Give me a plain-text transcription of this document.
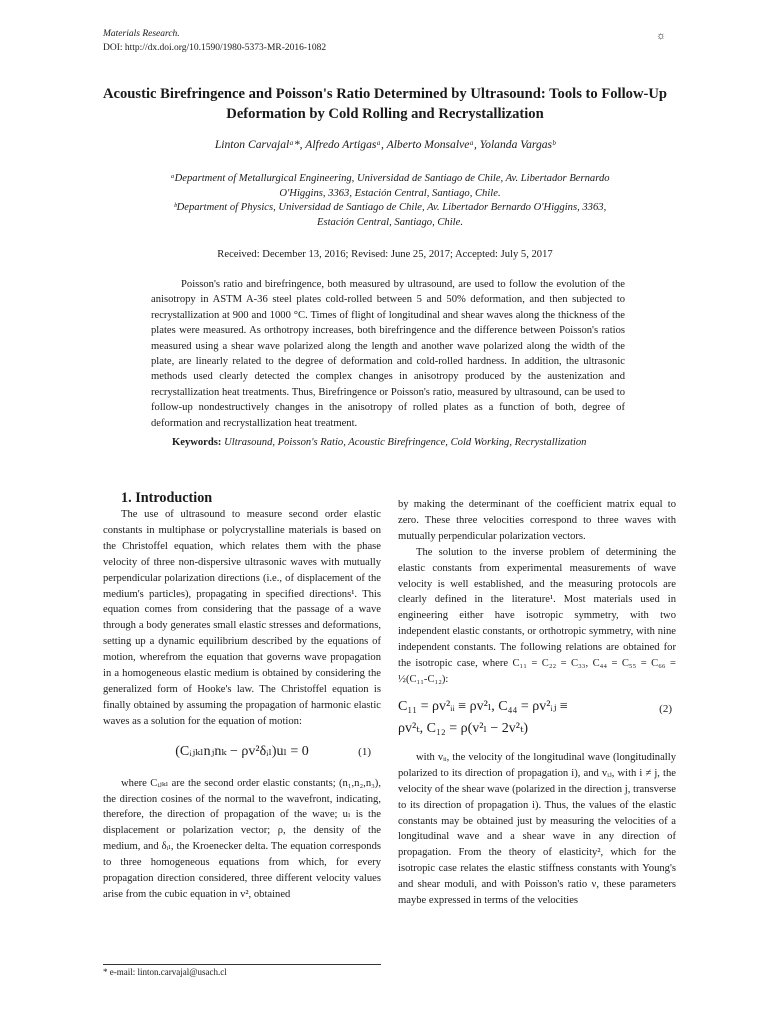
Materials Research.
DOI: http://dx.doi.org/10.1590/1980-5373-MR-2016-1082
☼
Acoustic Birefringence and Poisson's Ratio Determined by Ultrasound: Tools to Follow-Up
Deformation by Cold Rolling and Recrystallization
Linton Carvajalᵃ*, Alfredo Artigasᵃ, Alberto Monsalveᵃ, Yolanda Vargasᵇ
ᵃDepartment of Metallurgical Engineering, Universidad de Santiago de Chile, Av. Libertador Bernardo
O'Higgins, 3363, Estación Central, Santiago, Chile.
ᵇDepartment of Physics, Universidad de Santiago de Chile, Av. Libertador Bernardo O'Higgins, 3363,
Estación Central, Santiago, Chile.
Received: December 13, 2016; Revised: June 25, 2017; Accepted: July 5, 2017
Poisson's ratio and birefringence, both measured by ultrasound, are used to follow the evolution of the anisotropy in ASTM A-36 steel plates cold-rolled between 5 and 50% deformation, and then subjected to recrystallization at 900 and 1000 °C. Times of flight of longitudinal and shear waves along the thickness of the plates were measured. As orthotropy increases, both birefringence and the difference between Poisson's ratios measured using a shear wave polarized along the length and another wave polarized along the width of the plate, are linearly related to the degree of deformation and cold-rolled hardness. In addition, the ultrasonic methods used clearly detected the complex changes in anisotropy produced by the austenization and recrystallization heat treatments. Thus, Birefringence or Poisson's ratio, measured by ultrasound, can be used to follow-up nondestructively changes in the anisotropy of rolled plates as a function of both, degree of deformation and recrystallization heat treatment.
Keywords: Ultrasound, Poisson's Ratio, Acoustic Birefringence, Cold Working, Recrystallization

1. Introduction

The use of ultrasound to measure second order elastic constants in multiphase or polycrystalline materials is based on the Christoffel equation, which relates them with the phase velocity of three non-dispersive ultrasonic waves with mutually perpendicular polarization directions (i.e., of displacement of the medium's particles), propagating in specified directions¹. This equation comes from considering that the passage of a wave through a body generates small elastic stresses and deformations, setting up a dynamic equilibrium described by the equations of motion, wherefrom the equation that governs wave propagation in a homogeneous elastic medium is obtained by considering the generalized form of Hooke's law. The Christoffel equation is finally obtained by assuming the propagation of harmonic elastic waves as a solution for the equation of motion:

(Cᵢⱼₖₗnⱼnₖ − ρv²δᵢₗ)uₗ = 0	(1)

where Cᵢⱼₖₗ are the second order elastic constants; (n₁,n₂,n₃), the direction cosines of the normal to the wavefront, indicating, therefore, the direction of propagation of the wave; uₗ is the displacement or polarization vector; ρ, the density of the medium, and δᵢₗ, the Kroenecker delta. The equation corresponds to three homogeneous equations from which, for every propagation direction considered, three different velocity values arise from the cubic equation in v², obtained

by making the determinant of the coefficient matrix equal to zero. These three velocities correspond to three waves with mutually perpendicular polarization vectors.

The solution to the inverse problem of determining the elastic constants from experimental measurements of wave velocity is well established, and the measuring protocols are clearly defined in the literature¹. Most materials used in engineering either have isotropic symmetry, with two independent elastic constants, or orthotropic symmetry, with nine independent constants. The following relations are obtained for the isotropic case, where C₁₁ = C₂₂ = C₃₃, C₄₄ = C₅₅ = C₆₆ = ½(C₁₁-C₁₂):

C₁₁ = ρv²ᵢᵢ ≡ ρv²ₗ, C₄₄ = ρv²ᵢⱼ ≡
ρv²ₜ, C₁₂ = ρ(v²ₗ − 2v²ₜ)
(2)

with vᵢᵢ, the velocity of the longitudinal wave (longitudinally polarized to its direction of propagation i), and vᵢⱼ, with i ≠ j, the velocity of the shear wave (polarized in the direction j, transverse to its direction of propagation i). Thus, the values of the elastic constants may be obtained just by measuring the velocities of a longitudinal wave and a shear wave in any direction of propagation. From the theory of elasticity², which for the isotropic case relates the elastic stiffness constants with Young's and shear moduli, and with Poisson's ratio ν, these parameters maybe expressed in terms of the velocities

* e-mail: linton.carvajal@usach.cl
